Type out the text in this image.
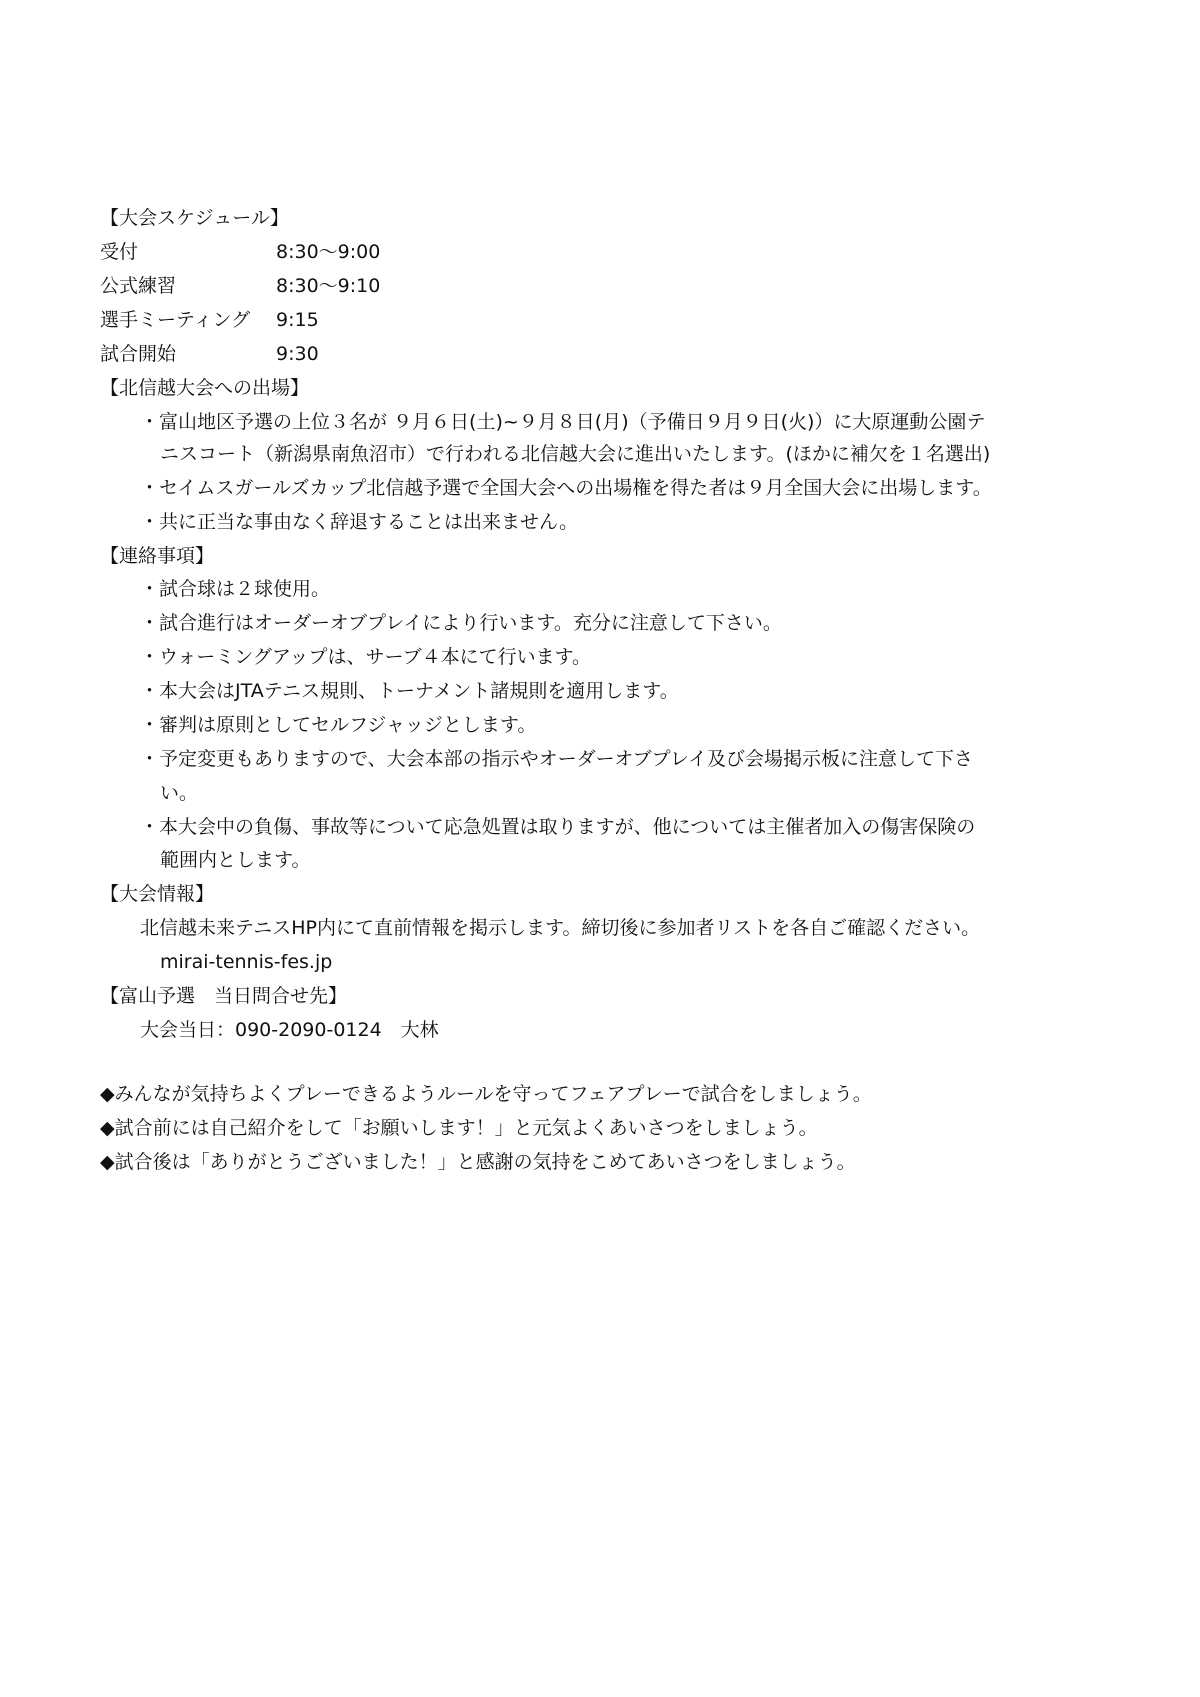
【大会スケジュール】
受付	8:30～9:00
公式練習	8:30～9:10
選手ミーティング 9:15
試合開始	9:30
【北信越大会への出場】
・富山地区予選の上位３名が ９月６日(土)~９月８日(月)（予備日９月９日(火)）に大原運動公園テ
ニスコート（新潟県南魚沼市）で行われる北信越大会に進出いたします。(ほかに補欠を１名選出)
・セイムスガールズカップ北信越予選で全国大会への出場権を得た者は９月全国大会に出場します。
・共に正当な事由なく辞退することは出来ません。
【連絡事項】
・試合球は２球使用。
・試合進行はオーダーオブプレイにより行います。充分に注意して下さい。
・ウォーミングアップは、サーブ４本にて行います。
・本大会はJTAテニス規則、トーナメント諸規則を適用します。
・審判は原則としてセルフジャッジとします。
・予定変更もありますので、大会本部の指示やオーダーオブプレイ及び会場掲示板に注意して下さ
い。
・本大会中の負傷、事故等について応急処置は取りますが、他については主催者加入の傷害保険の
範囲内とします。
【大会情報】
北信越未来テニスHP内にて直前情報を掲示します。締切後に参加者リストを各自ご確認ください。
mirai-tennis-fes.jp
【富山予選　当日問合せ先】
大会当日：090-2090-0124　大林
◆みんなが気持ちよくプレーできるようルールを守ってフェアプレーで試合をしましょう。
◆試合前には自己紹介をして「お願いします！」と元気よくあいさつをしましょう。
◆試合後は「ありがとうございました！」と感謝の気持をこめてあいさつをしましょう。
